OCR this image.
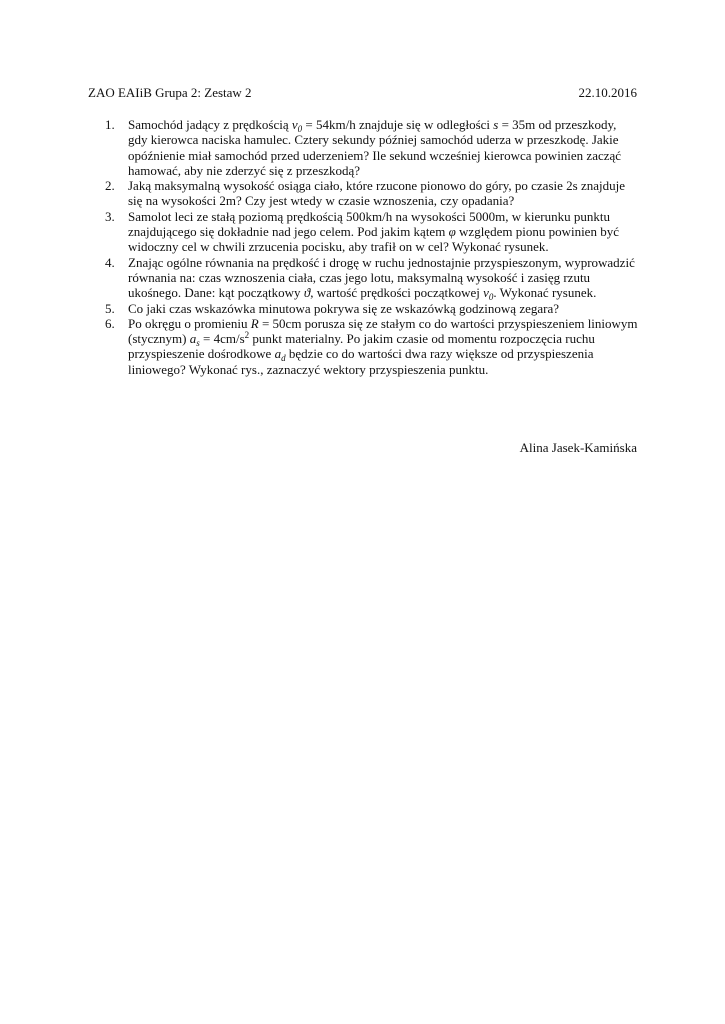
ZAO EAIiB Grupa 2: Zestaw 2	22.10.2016
1. Samochód jadący z prędkością $v_0 = 54km/h$ znajduje się w odległości s = 35m od przeszkody, gdy kierowca naciska hamulec. Cztery sekundy później samochód uderza w przeszkodę. Jakie opóźnienie miał samochód przed uderzeniem? Ile sekund wcześniej kierowca powinien zacząć hamować, aby nie zderzyć się z przeszkodą?
2. Jaką maksymalną wysokość osiąga ciało, które rzucone pionowo do góry, po czasie 2s znajduje się na wysokości 2m? Czy jest wtedy w czasie wznoszenia, czy opadania?
3. Samolot leci ze stałą poziomą prędkością 500km/h na wysokości 5000m, w kierunku punktu znajdującego się dokładnie nad jego celem. Pod jakim kątem φ względem pionu powinien być widoczny cel w chwili zrzucenia pocisku, aby trafił on w cel? Wykonać rysunek.
4. Znając ogólne równania na prędkość i drogę w ruchu jednostajnie przyspieszonym, wyprowadzić równania na: czas wznoszenia ciała, czas jego lotu, maksymalną wysokość i zasięg rzutu ukośnego. Dane: kąt początkowy ϑ, wartość prędkości początkowej $v_0$. Wykonać rysunek.
5. Co jaki czas wskazówka minutowa pokrywa się ze wskazówką godzinową zegara?
6. Po okręgu o promieniu R = 50cm porusza się ze stałym co do wartości przyspieszeniem liniowym (stycznym) $a_s = 4cm/s^2$ punkt materialny. Po jakim czasie od momentu rozpoczęcia ruchu przyspieszenie dośrodkowe $a_d$ będzie co do wartości dwa razy większe od przyspieszenia liniowego? Wykonać rys., zaznaczyć wektory przyspieszenia punktu.
Alina Jasek-Kamińska
